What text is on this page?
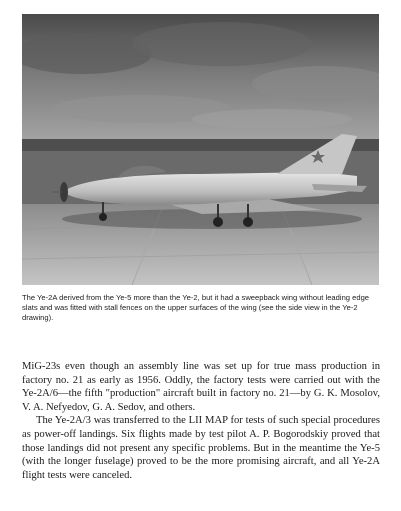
The Ye-2A derived from the Ye-5 more than the Ye-2, but it had a sweepback wing without leading edge slats and was fitted with stall fences on the upper surfaces of the wing (see the side view in the Ye-2 drawing).

MiG-23s even though an assembly line was set up for true mass production in factory no. 21 as early as 1956. Oddly, the factory tests were carried out with the Ye-2A/6—the fifth "production" aircraft built in factory no. 21—by G. K. Mosolov, V. A. Nefyedov, G. A. Sedov, and others.

The Ye-2A/3 was transferred to the LII MAP for tests of such special procedures as power-off landings. Six flights made by test pilot A. P. Bogorodskiy proved that those landings did not present any specific problems. But in the meantime the Ye-5 (with the longer fuselage) proved to be the more promising aircraft, and all Ye-2A flight tests were canceled.
